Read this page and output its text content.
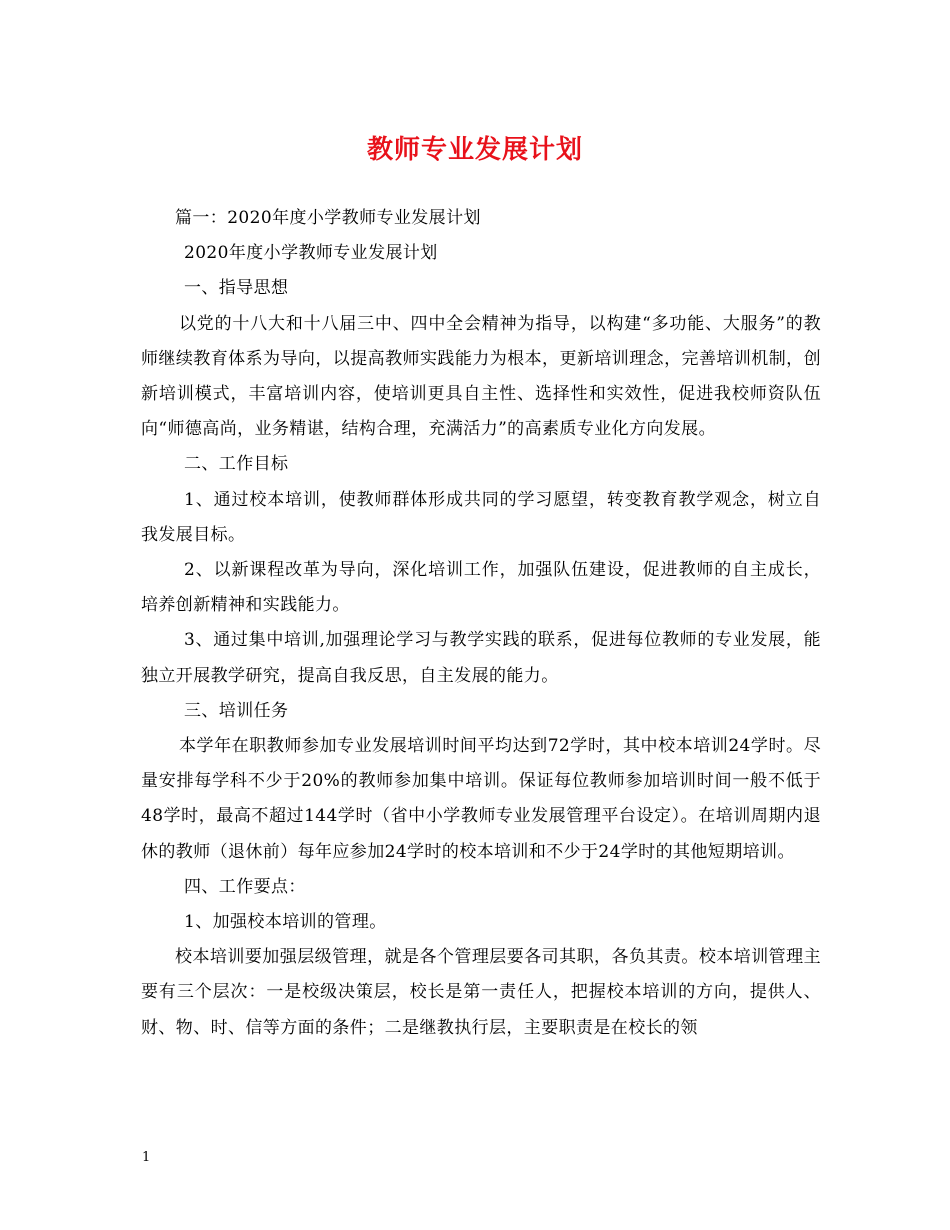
教师专业发展计划

篇一：2020年度小学教师专业发展计划

2020年度小学教师专业发展计划

一、指导思想

以党的十八大和十八届三中、四中全会精神为指导，以构建“多功能、大服务”的教师继续教育体系为导向，以提高教师实践能力为根本，更新培训理念，完善培训机制，创新培训模式，丰富培训内容，使培训更具自主性、选择性和实效性，促进我校师资队伍向“师德高尚，业务精谌，结构合理，充满活力”的高素质专业化方向发展。

二、工作目标

1、通过校本培训，使教师群体形成共同的学习愿望，转变教育教学观念，树立自我发展目标。

2、以新课程改革为导向，深化培训工作，加强队伍建设，促进教师的自主成长，培养创新精神和实践能力。

3、通过集中培训,加强理论学习与教学实践的联系，促进每位教师的专业发展，能独立开展教学研究，提高自我反思，自主发展的能力。

三、培训任务

本学年在职教师参加专业发展培训时间平均达到72学时，其中校本培训24学时。尽量安排每学科不少于20%的教师参加集中培训。保证每位教师参加培训时间一般不低于48学时，最高不超过144学时（省中小学教师专业发展管理平台设定）。在培训周期内退休的教师（退休前）每年应参加24学时的校本培训和不少于24学时的其他短期培训。

四、工作要点：

1、加强校本培训的管理。

校本培训要加强层级管理，就是各个管理层要各司其职，各负其责。校本培训管理主要有三个层次：一是校级决策层，校长是第一责任人，把握校本培训的方向，提供人、财、物、时、信等方面的条件；二是继教执行层，主要职责是在校长的领

1
